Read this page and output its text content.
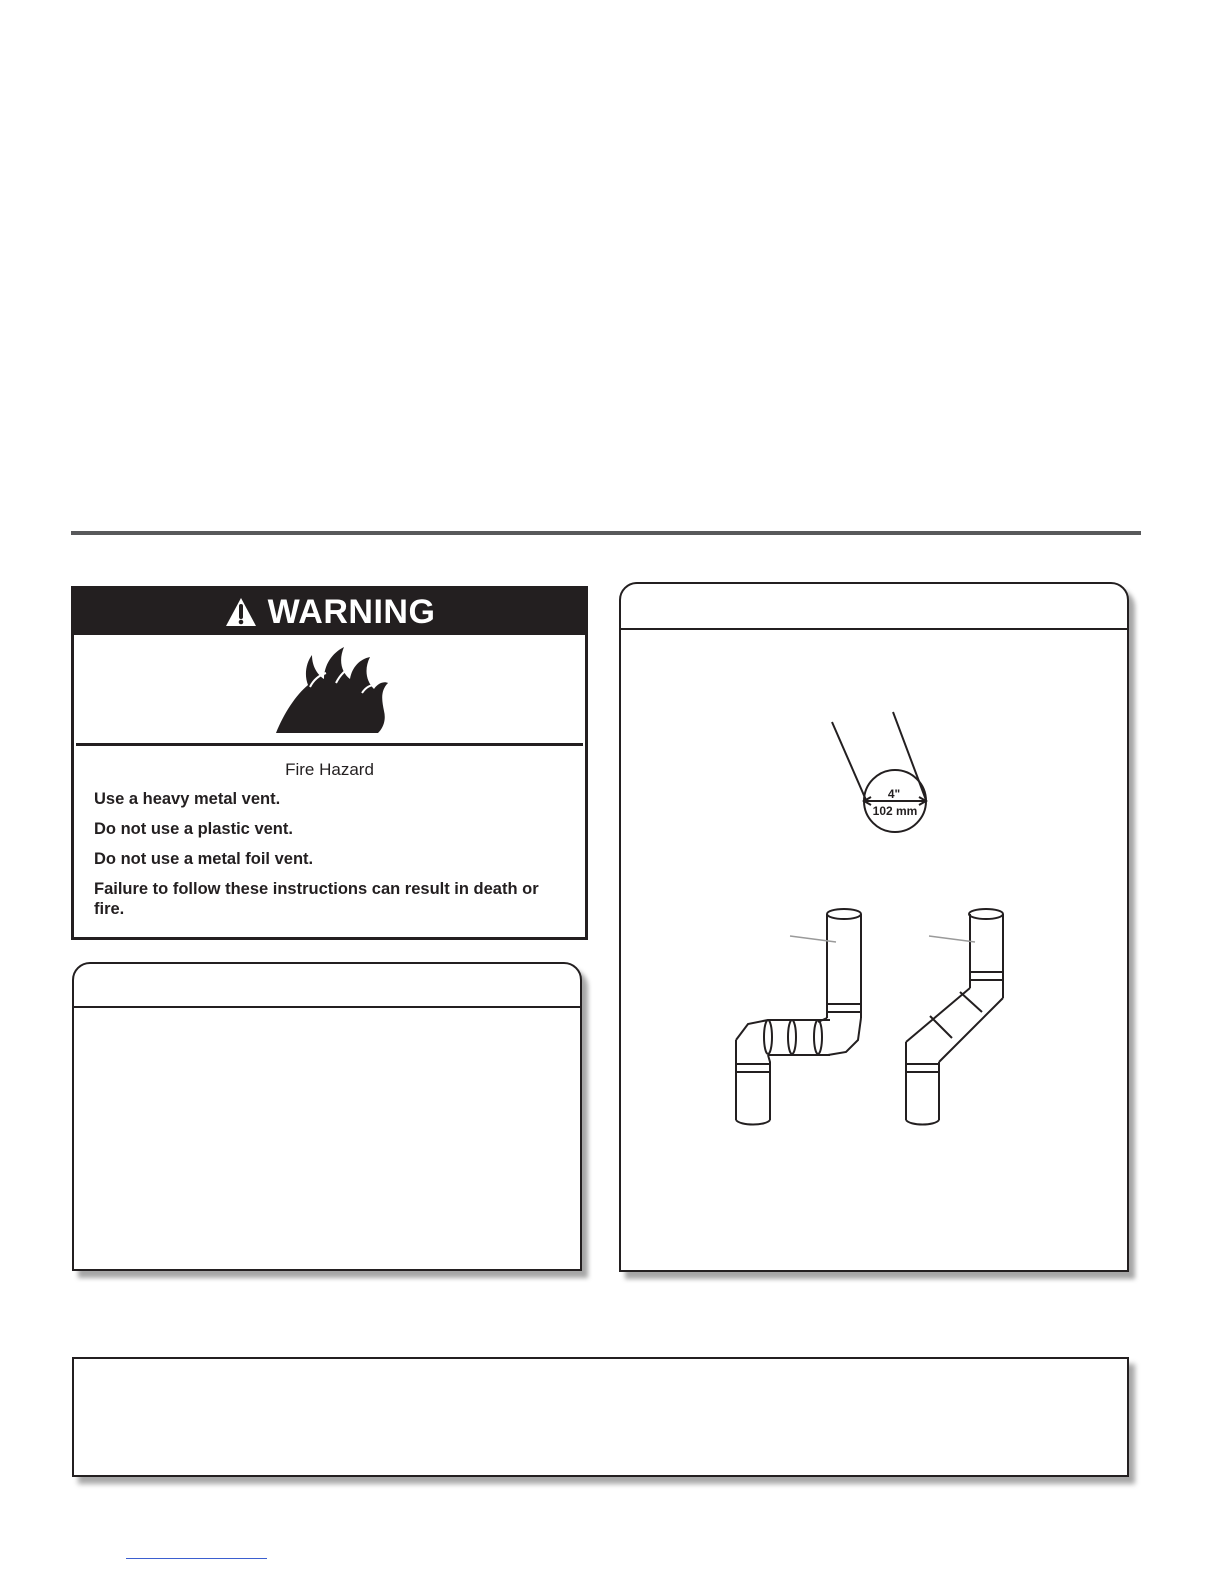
WARNING

Fire Hazard

Use a heavy metal vent.

Do not use a plastic vent.

Do not use a metal foil vent.

Failure to follow these instructions can result in death or fire.

4"
102 mm
